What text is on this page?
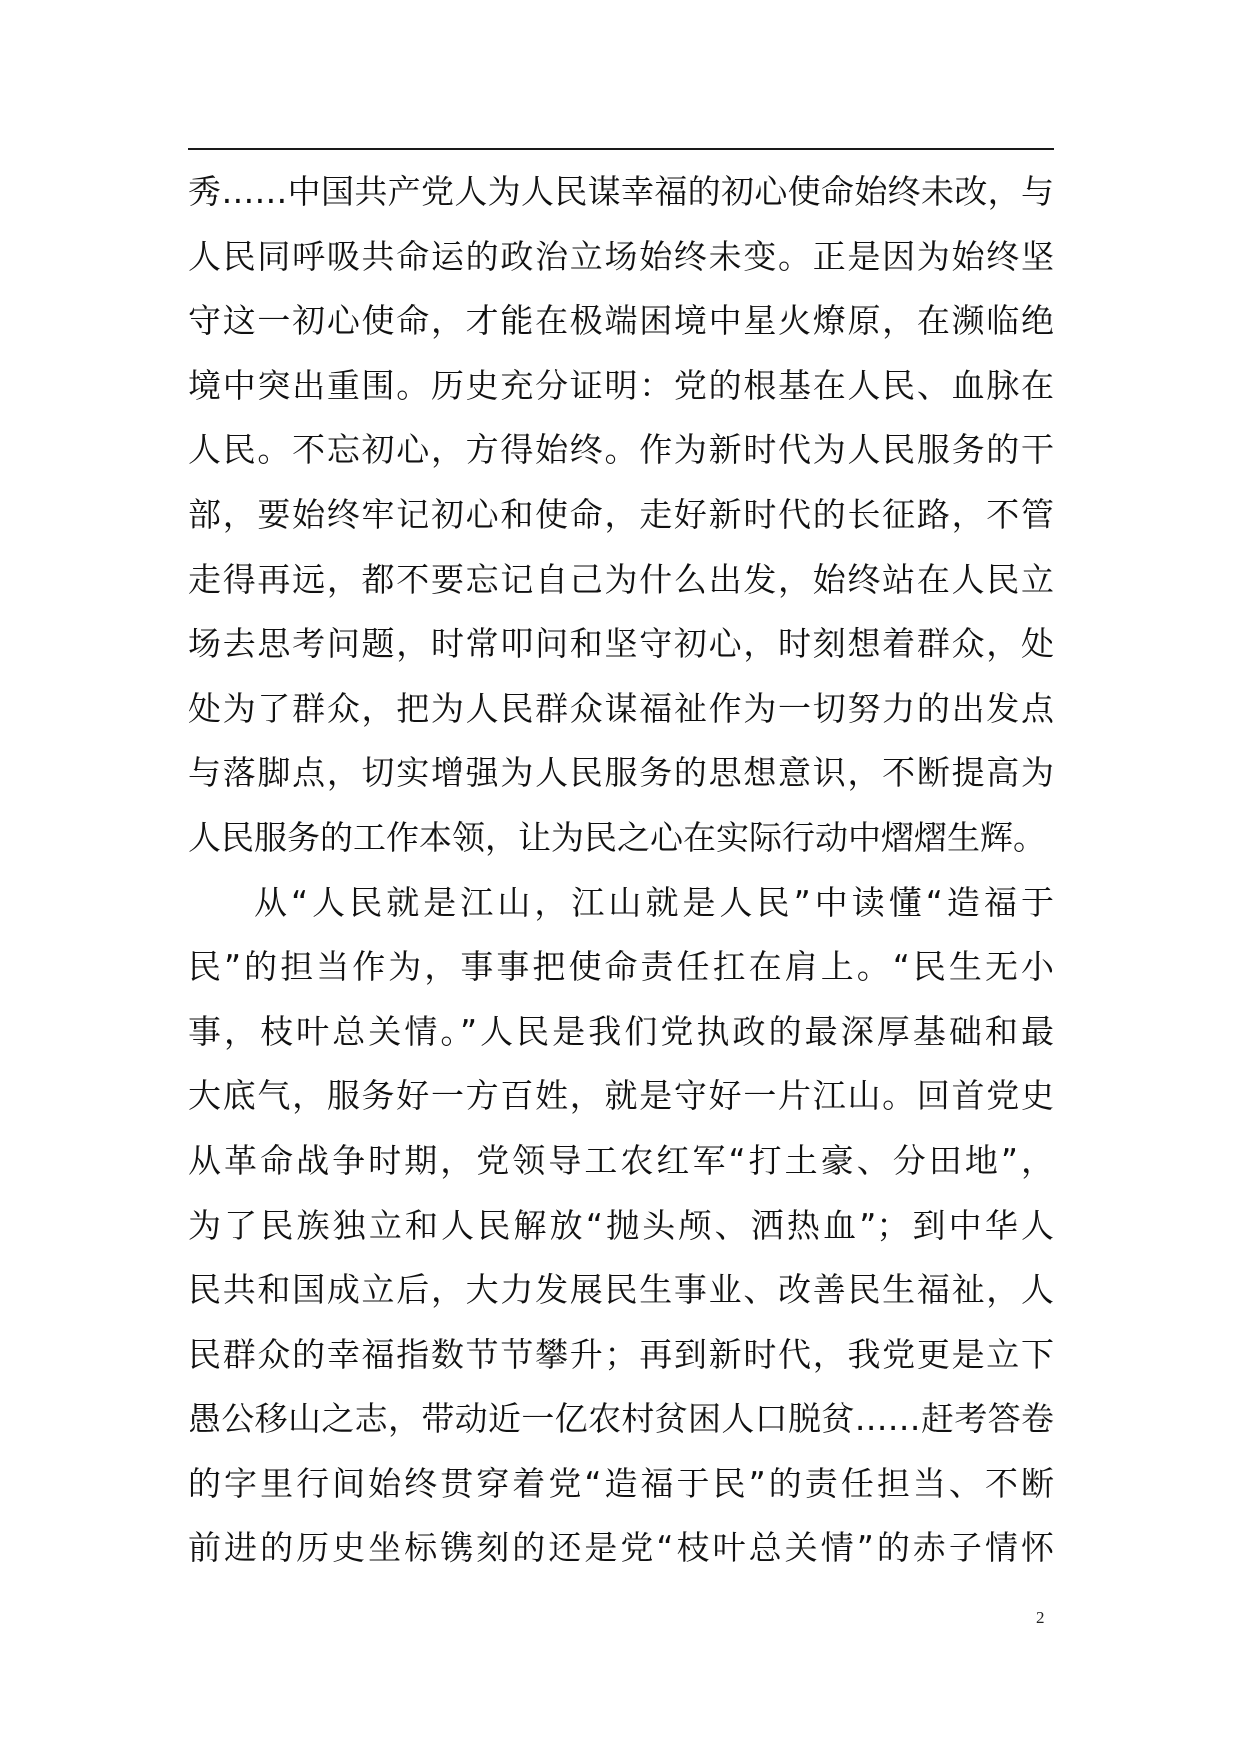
秀……中国共产党人为人民谋幸福的初心使命始终未改，与
人民同呼吸共命运的政治立场始终未变。正是因为始终坚
守这一初心使命，才能在极端困境中星火燎原，在濒临绝
境中突出重围。历史充分证明：党的根基在人民、血脉在
人民。不忘初心，方得始终。作为新时代为人民服务的干
部，要始终牢记初心和使命，走好新时代的长征路，不管
走得再远，都不要忘记自己为什么出发，始终站在人民立
场去思考问题，时常叩问和坚守初心，时刻想着群众，处
处为了群众，把为人民群众谋福祉作为一切努力的出发点
与落脚点，切实增强为人民服务的思想意识，不断提高为
人民服务的工作本领，让为民之心在实际行动中熠熠生辉。
从“人民就是江山，江山就是人民”中读懂“造福于
民”的担当作为，事事把使命责任扛在肩上。“民生无小
事，枝叶总关情。”人民是我们党执政的最深厚基础和最
大底气，服务好一方百姓，就是守好一片江山。回首党史
从革命战争时期，党领导工农红军“打土豪、分田地”，
为了民族独立和人民解放“抛头颅、洒热血”；到中华人
民共和国成立后，大力发展民生事业、改善民生福祉，人
民群众的幸福指数节节攀升；再到新时代，我党更是立下
愚公移山之志，带动近一亿农村贫困人口脱贫……赶考答卷
的字里行间始终贯穿着党“造福于民”的责任担当、不断
前进的历史坐标镌刻的还是党“枝叶总关情”的赤子情怀
2
